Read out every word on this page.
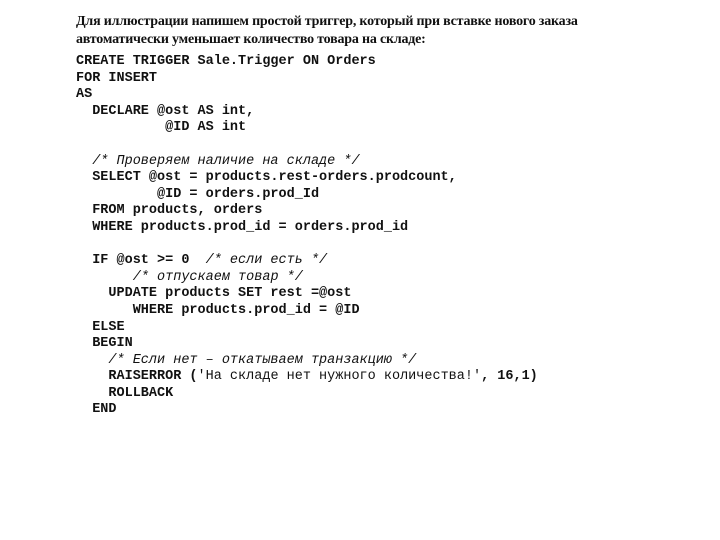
Для иллюстрации напишем простой триггер, который при вставке нового заказа
автоматически уменьшает количество товара на складе:
CREATE TRIGGER Sale.Trigger ON Orders
FOR INSERT
AS
DECLARE @ost AS int,
@ID AS int
/* Проверяем наличие на складе */
SELECT @ost = products.rest-orders.prodcount,
@ID = orders.prod_Id
FROM products, orders
WHERE products.prod_id = orders.prod_id
IF @ost >= 0  /* если есть */
/* отпускаем товар */
UPDATE products SET rest =@ost
WHERE products.prod_id = @ID
ELSE
BEGIN
/* Если нет – откатываем транзакцию */
RAISERROR ('На складе нет нужного количества!', 16,1)
ROLLBACK
END
